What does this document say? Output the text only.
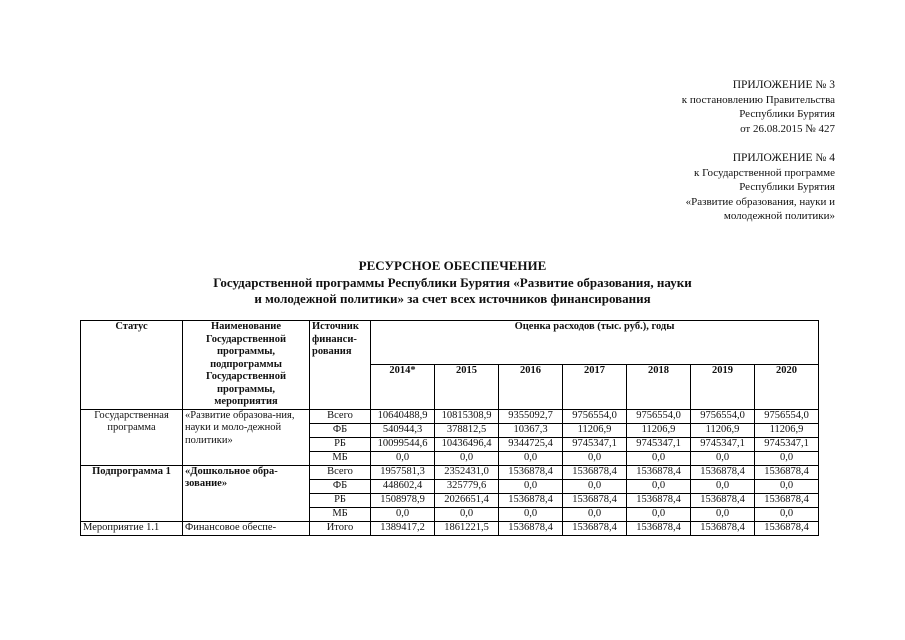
ПРИЛОЖЕНИЕ № 3
к постановлению Правительства
Республики Бурятия
от 26.08.2015 № 427
ПРИЛОЖЕНИЕ № 4
к Государственной программе
Республики Бурятия
«Развитие образования, науки и
молодежной политики»
РЕСУРСНОЕ ОБЕСПЕЧЕНИЕ
Государственной программы Республики Бурятия «Развитие образования, науки
и молодежной политики» за счет всех источников финансирования
Статус	Наименование Государственной программы, подпрограммы Государственной программы, мероприятия	Источник финанси-рования	Оценка расходов (тыс. руб.), годы						
			2014*	2015	2016	2017	2018	2019	2020
Государственная программа	«Развитие образова-ния, науки и моло-дежной политики»	Всего	10640488,9	10815308,9	9355092,7	9756554,0	9756554,0	9756554,0	9756554,0
		ФБ	540944,3	378812,5	10367,3	11206,9	11206,9	11206,9	11206,9
		РБ	10099544,6	10436496,4	9344725,4	9745347,1	9745347,1	9745347,1	9745347,1
		МБ	0,0	0,0	0,0	0,0	0,0	0,0	0,0
Подпрограмма 1	«Дошкольное обра-зование»	Всего	1957581,3	2352431,0	1536878,4	1536878,4	1536878,4	1536878,4	1536878,4
		ФБ	448602,4	325779,6	0,0	0,0	0,0	0,0	0,0
		РБ	1508978,9	2026651,4	1536878,4	1536878,4	1536878,4	1536878,4	1536878,4
		МБ	0,0	0,0	0,0	0,0	0,0	0,0	0,0
Мероприятие 1.1	Финансовое обеспе-	Итого	1389417,2	1861221,5	1536878,4	1536878,4	1536878,4	1536878,4	1536878,4
